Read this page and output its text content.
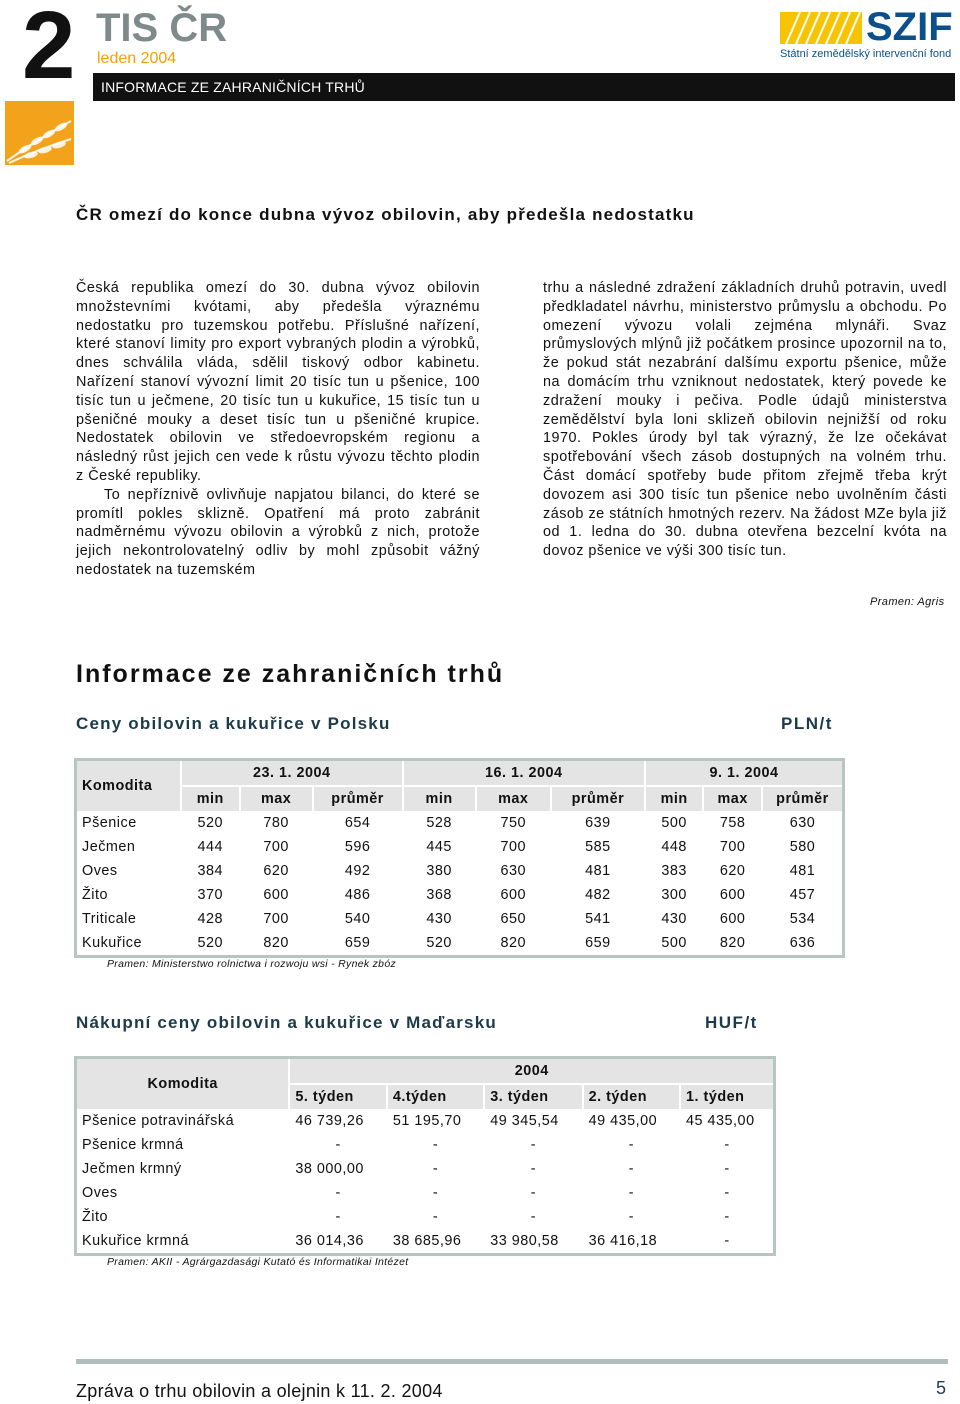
2 TIS ČR
leden 2004
INFORMACE ZE ZAHRANIČNÍCH TRHŮ
SZIF
Státní zemědělský intervenční fond
ČR omezí do konce dubna vývoz obilovin, aby předešla nedostatku

Česká republika omezí do 30. dubna vývoz obilovin množstevními kvótami, aby předešla výraznému nedostatku pro tuzemskou potřebu. Příslušné nařízení, které stanoví limity pro export vybraných plodin a výrobků, dnes schválila vláda, sdělil tiskový odbor kabinetu. Nařízení stanoví vývozní limit 20 tisíc tun u pšenice, 100 tisíc tun u ječmene, 20 tisíc tun u kukuřice, 15 tisíc tun u pšeničné mouky a deset tisíc tun u pšeničné krupice. Nedostatek obilovin ve středoevropském regionu a následný růst jejich cen vede k růstu vývozu těchto plodin z České republiky.

To nepříznivě ovlivňuje napjatou bilanci, do které se promítl pokles sklizně. Opatření má proto zabránit nadměrnému vývozu obilovin a výrobků z nich, protože jejich nekontrolovatelný odliv by mohl způsobit vážný nedostatek na tuzemském

trhu a následné zdražení základních druhů potravin, uvedl předkladatel návrhu, ministerstvo průmyslu a obchodu. Po omezení vývozu volali zejména mlynáři. Svaz průmyslových mlýnů již počátkem prosince upozornil na to, že pokud stát nezabrání dalšímu exportu pšenice, může na domácím trhu vzniknout nedostatek, který povede ke zdražení mouky i pečiva. Podle údajů ministerstva zemědělství byla loni sklizeň obilovin nejnižší od roku 1970. Pokles úrody byl tak výrazný, že lze očekávat spotřebování všech zásob dostupných na volném trhu. Část domácí spotřeby bude přitom zřejmě třeba krýt dovozem asi 300 tisíc tun pšenice nebo uvolněním části zásob ze státních hmotných rezerv. Na žádost MZe byla již od 1. ledna do 30. dubna otevřena bezcelní kvóta na dovoz pšenice ve výši 300 tisíc tun.

Pramen: Agris
Informace ze zahraničních trhů
Ceny obilovin a kukuřice v Polsku	PLN/t
Komodita	23. 1. 2004			16. 1. 2004			9. 1. 2004		
	min	max	průměr	min	max	průměr	min	max	průměr
Pšenice	520	780	654	528	750	639	500	758	630
Ječmen	444	700	596	445	700	585	448	700	580
Oves	384	620	492	380	630	481	383	620	481
Žito	370	600	486	368	600	482	300	600	457
Triticale	428	700	540	430	650	541	430	600	534
Kukuřice	520	820	659	520	820	659	500	820	636
Pramen: Ministerstwo rolnictwa i rozwoju wsi - Rynek zbóz
Nákupní ceny obilovin a kukuřice v Maďarsku	HUF/t
Komodita	2004				
	5. týden	4.týden	3. týden	2. týden	1. týden
Pšenice potravinářská	46 739,26	51 195,70	49 345,54	49 435,00	45 435,00
Pšenice krmná	-	-	-	-	-
Ječmen krmný	38 000,00	-	-	-	-
Oves	-	-	-	-	-
Žito	-	-	-	-	-
Kukuřice krmná	36 014,36	38 685,96	33 980,58	36 416,18	-
Pramen: AKII - Agrárgazdasági Kutató és Informatikai Intézet
Zpráva o trhu obilovin a olejnin k 11. 2. 2004	5
